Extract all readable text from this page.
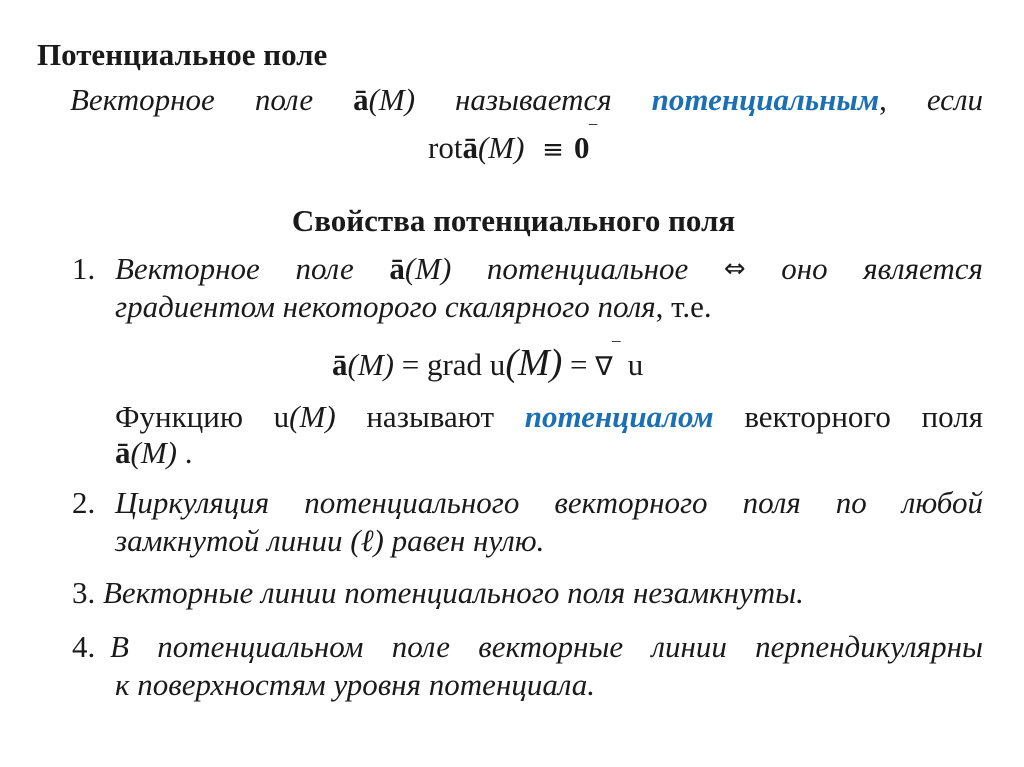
Потенциальное поле
Векторное поле ā(M) называется потенциальным, если
rotā(M) ≡ 0‾
Свойства потенциального поля
1. Векторное поле ā(M) потенциальное ⇔ оно является
градиентом некоторого скалярного поля, т.е.
ā(M) = grad u(M) = ∇‾ u
Функцию u(M) называют потенциалом векторного поля
ā(M) .
2. Циркуляция потенциального векторного поля по любой
замкнутой линии (ℓ) равен нулю.
3. Векторные линии потенциального поля незамкнуты.
4. В потенциальном поле векторные линии перпендикулярны
к поверхностям уровня потенциала.
